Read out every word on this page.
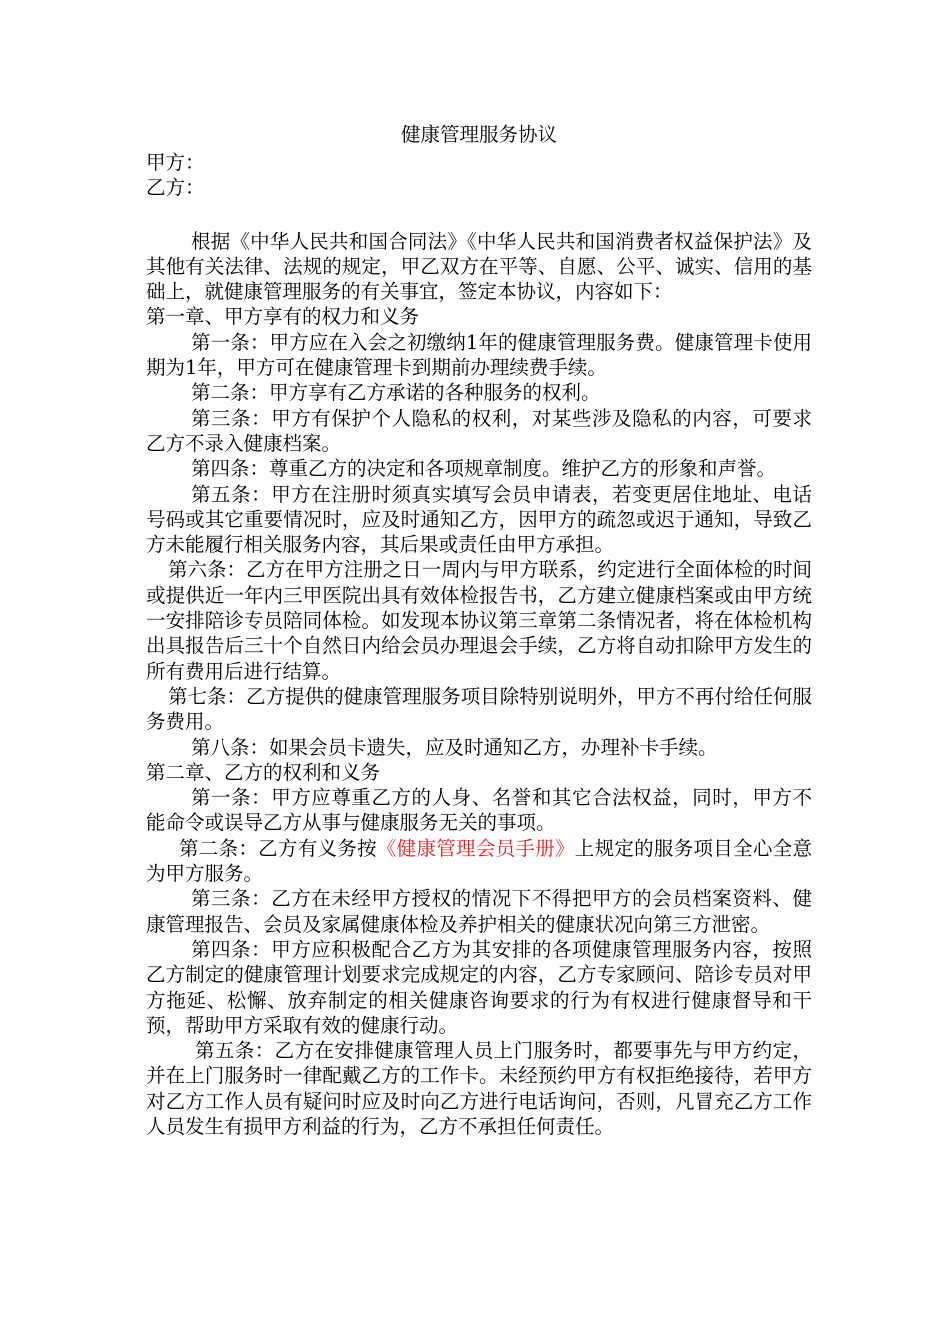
健康管理服务协议

甲方：

乙方：

根据《中华人民共和国合同法》《中华人民共和国消费者权益保护法》及其他有关法律、法规的规定，甲乙双方在平等、自愿、公平、诚实、信用的基础上，就健康管理服务的有关事宜，签定本协议，内容如下：

第一章、甲方享有的权力和义务

第一条：甲方应在入会之初缴纳1年的健康管理服务费。健康管理卡使用期为1年，甲方可在健康管理卡到期前办理续费手续。

第二条：甲方享有乙方承诺的各种服务的权利。

第三条：甲方有保护个人隐私的权利，对某些涉及隐私的内容，可要求乙方不录入健康档案。

第四条：尊重乙方的决定和各项规章制度。维护乙方的形象和声誉。

第五条：甲方在注册时须真实填写会员申请表，若变更居住地址、电话号码或其它重要情况时，应及时通知乙方，因甲方的疏忽或迟于通知，导致乙方未能履行相关服务内容，其后果或责任由甲方承担。

第六条：乙方在甲方注册之日一周内与甲方联系，约定进行全面体检的时间或提供近一年内三甲医院出具有效体检报告书，乙方建立健康档案或由甲方统一安排陪诊专员陪同体检。如发现本协议第三章第二条情况者，将在体检机构出具报告后三十个自然日内给会员办理退会手续，乙方将自动扣除甲方发生的所有费用后进行结算。

第七条：乙方提供的健康管理服务项目除特别说明外，甲方不再付给任何服务费用。

第八条：如果会员卡遗失，应及时通知乙方，办理补卡手续。

第二章、乙方的权利和义务

第一条：甲方应尊重乙方的人身、名誉和其它合法权益，同时，甲方不能命令或误导乙方从事与健康服务无关的事项。

第二条：乙方有义务按《健康管理会员手册》上规定的服务项目全心全意为甲方服务。

第三条：乙方在未经甲方授权的情况下不得把甲方的会员档案资料、健康管理报告、会员及家属健康体检及养护相关的健康状况向第三方泄密。

第四条：甲方应积极配合乙方为其安排的各项健康管理服务内容，按照乙方制定的健康管理计划要求完成规定的内容，乙方专家顾问、陪诊专员对甲方拖延、松懈、放弃制定的相关健康咨询要求的行为有权进行健康督导和干预，帮助甲方采取有效的健康行动。

第五条：乙方在安排健康管理人员上门服务时，都要事先与甲方约定，并在上门服务时一律配戴乙方的工作卡。未经预约甲方有权拒绝接待，若甲方对乙方工作人员有疑问时应及时向乙方进行电话询问，否则，凡冒充乙方工作人员发生有损甲方利益的行为，乙方不承担任何责任。
